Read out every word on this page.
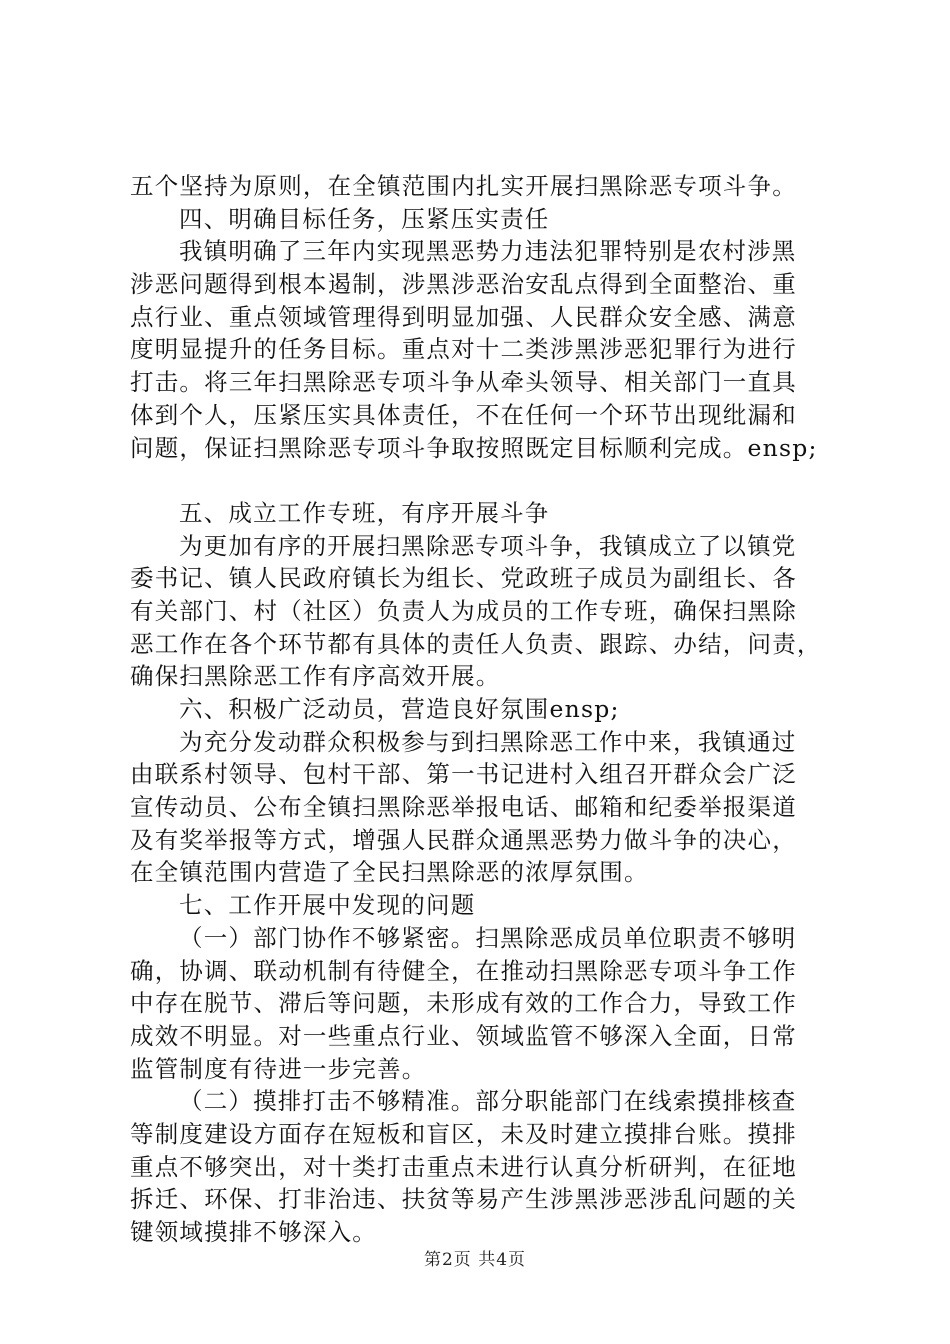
五个坚持为原则，在全镇范围内扎实开展扫黑除恶专项斗争。
四、明确目标任务，压紧压实责任
我镇明确了三年内实现黑恶势力违法犯罪特别是农村涉黑
涉恶问题得到根本遏制，涉黑涉恶治安乱点得到全面整治、重
点行业、重点领域管理得到明显加强、人民群众安全感、满意
度明显提升的任务目标。重点对十二类涉黑涉恶犯罪行为进行
打击。将三年扫黑除恶专项斗争从牵头领导、相关部门一直具
体到个人，压紧压实具体责任，不在任何一个环节出现纰漏和
问题，保证扫黑除恶专项斗争取按照既定目标顺利完成。ensp;
五、成立工作专班，有序开展斗争
为更加有序的开展扫黑除恶专项斗争，我镇成立了以镇党
委书记、镇人民政府镇长为组长、党政班子成员为副组长、各
有关部门、村（社区）负责人为成员的工作专班，确保扫黑除
恶工作在各个环节都有具体的责任人负责、跟踪、办结，问责，
确保扫黑除恶工作有序高效开展。
六、积极广泛动员，营造良好氛围ensp;
为充分发动群众积极参与到扫黑除恶工作中来，我镇通过
由联系村领导、包村干部、第一书记进村入组召开群众会广泛
宣传动员、公布全镇扫黑除恶举报电话、邮箱和纪委举报渠道
及有奖举报等方式，增强人民群众通黑恶势力做斗争的决心，
在全镇范围内营造了全民扫黑除恶的浓厚氛围。
七、工作开展中发现的问题
（一）部门协作不够紧密。扫黑除恶成员单位职责不够明
确，协调、联动机制有待健全，在推动扫黑除恶专项斗争工作
中存在脱节、滞后等问题，未形成有效的工作合力，导致工作
成效不明显。对一些重点行业、领域监管不够深入全面，日常
监管制度有待进一步完善。
（二）摸排打击不够精准。部分职能部门在线索摸排核查
等制度建设方面存在短板和盲区，未及时建立摸排台账。摸排
重点不够突出，对十类打击重点未进行认真分析研判，在征地
拆迁、环保、打非治违、扶贫等易产生涉黑涉恶涉乱问题的关
键领域摸排不够深入。
第2页 共4页
